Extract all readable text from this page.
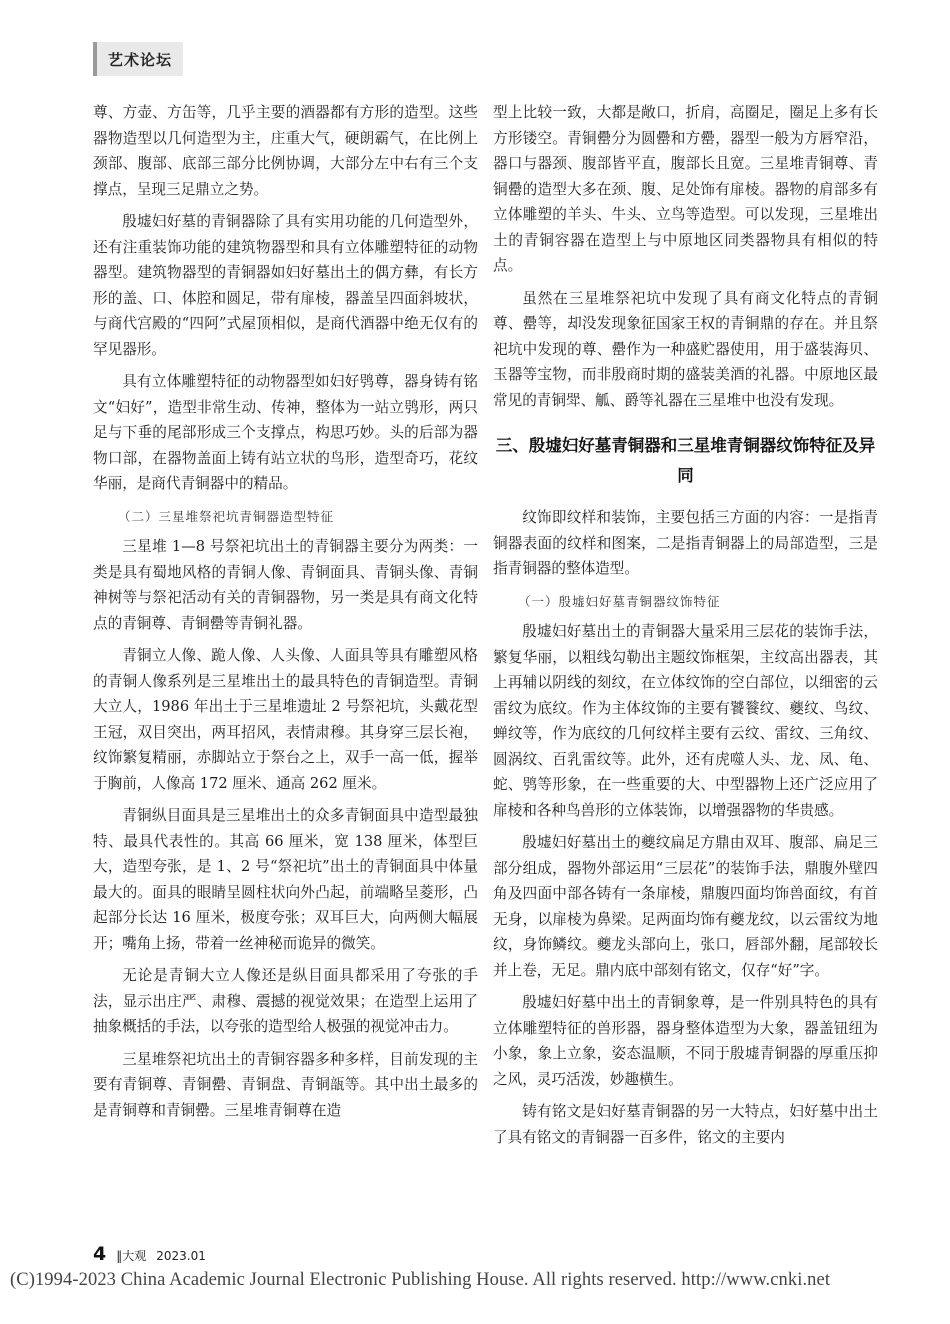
艺术论坛

尊、方壶、方缶等，几乎主要的酒器都有方形的造型。这些器物造型以几何造型为主，庄重大气，硬朗霸气，在比例上颈部、腹部、底部三部分比例协调，大部分左中右有三个支撑点，呈现三足鼎立之势。

殷墟妇好墓的青铜器除了具有实用功能的几何造型外，还有注重装饰功能的建筑物器型和具有立体雕塑特征的动物器型。建筑物器型的青铜器如妇好墓出土的偶方彝，有长方形的盖、口、体腔和圆足，带有扉棱，器盖呈四面斜坡状，与商代宫殿的“四阿”式屋顶相似，是商代酒器中绝无仅有的罕见器形。

具有立体雕塑特征的动物器型如妇好鸮尊，器身铸有铭文“妇好”，造型非常生动、传神，整体为一站立鸮形，两只足与下垂的尾部形成三个支撑点，构思巧妙。头的后部为器物口部，在器物盖面上铸有站立状的鸟形，造型奇巧，花纹华丽，是商代青铜器中的精品。

（二）三星堆祭祀坑青铜器造型特征

三星堆 1—8 号祭祀坑出土的青铜器主要分为两类：一类是具有蜀地风格的青铜人像、青铜面具、青铜头像、青铜神树等与祭祀活动有关的青铜器物，另一类是具有商文化特点的青铜尊、青铜罍等青铜礼器。

青铜立人像、跪人像、人头像、人面具等具有雕塑风格的青铜人像系列是三星堆出土的最具特色的青铜造型。青铜大立人，1986 年出土于三星堆遗址 2 号祭祀坑，头戴花型王冠，双目突出，两耳招风，表情肃穆。其身穿三层长袍，纹饰繁复精丽，赤脚站立于祭台之上，双手一高一低，握举于胸前，人像高 172 厘米、通高 262 厘米。

青铜纵目面具是三星堆出土的众多青铜面具中造型最独特、最具代表性的。其高 66 厘米，宽 138 厘米，体型巨大，造型夸张，是 1、2 号“祭祀坑”出土的青铜面具中体量最大的。面具的眼睛呈圆柱状向外凸起，前端略呈菱形，凸起部分长达 16 厘米，极度夸张；双耳巨大，向两侧大幅展开；嘴角上扬，带着一丝神秘而诡异的微笑。

无论是青铜大立人像还是纵目面具都采用了夸张的手法，显示出庄严、肃穆、震撼的视觉效果；在造型上运用了抽象概括的手法，以夸张的造型给人极强的视觉冲击力。

三星堆祭祀坑出土的青铜容器多种多样，目前发现的主要有青铜尊、青铜罍、青铜盘、青铜瓿等。其中出土最多的是青铜尊和青铜罍。三星堆青铜尊在造

型上比较一致，大都是敞口，折肩，高圈足，圈足上多有长方形镂空。青铜罍分为圆罍和方罍，器型一般为方唇窄沿，器口与器颈、腹部皆平直，腹部长且宽。三星堆青铜尊、青铜罍的造型大多在颈、腹、足处饰有扉棱。器物的肩部多有立体雕塑的羊头、牛头、立鸟等造型。可以发现，三星堆出土的青铜容器在造型上与中原地区同类器物具有相似的特点。

虽然在三星堆祭祀坑中发现了具有商文化特点的青铜尊、罍等，却没发现象征国家王权的青铜鼎的存在。并且祭祀坑中发现的尊、罍作为一种盛贮器使用，用于盛装海贝、玉器等宝物，而非殷商时期的盛装美酒的礼器。中原地区最常见的青铜斝、觚、爵等礼器在三星堆中也没有发现。

三、殷墟妇好墓青铜器和三星堆青铜器纹饰特征及异同

纹饰即纹样和装饰，主要包括三方面的内容：一是指青铜器表面的纹样和图案，二是指青铜器上的局部造型，三是指青铜器的整体造型。

（一）殷墟妇好墓青铜器纹饰特征

殷墟妇好墓出土的青铜器大量采用三层花的装饰手法，繁复华丽，以粗线勾勒出主题纹饰框架，主纹高出器表，其上再辅以阴线的刻纹，在立体纹饰的空白部位，以细密的云雷纹为底纹。作为主体纹饰的主要有饕餮纹、夔纹、鸟纹、蝉纹等，作为底纹的几何纹样主要有云纹、雷纹、三角纹、圆涡纹、百乳雷纹等。此外，还有虎噬人头、龙、凤、龟、蛇、鸮等形象，在一些重要的大、中型器物上还广泛应用了扉棱和各种鸟兽形的立体装饰，以增强器物的华贵感。

殷墟妇好墓出土的夔纹扁足方鼎由双耳、腹部、扁足三部分组成，器物外部运用“三层花”的装饰手法，鼎腹外壁四角及四面中部各铸有一条扉棱，鼎腹四面均饰兽面纹，有首无身，以扉棱为鼻梁。足两面均饰有夔龙纹，以云雷纹为地纹，身饰鳞纹。夔龙头部向上，张口，唇部外翻，尾部较长并上卷，无足。鼎内底中部刻有铭文，仅存“好”字。

殷墟妇好墓中出土的青铜象尊，是一件别具特色的具有立体雕塑特征的兽形器，器身整体造型为大象，器盖钮纽为小象，象上立象，姿态温顺，不同于殷墟青铜器的厚重压抑之风，灵巧活泼，妙趣横生。

铸有铭文是妇好墓青铜器的另一大特点，妇好墓中出土了具有铭文的青铜器一百多件，铭文的主要内

4 ‖大观 2023.01
(C)1994-2023 China Academic Journal Electronic Publishing House. All rights reserved. http://www.cnki.net
